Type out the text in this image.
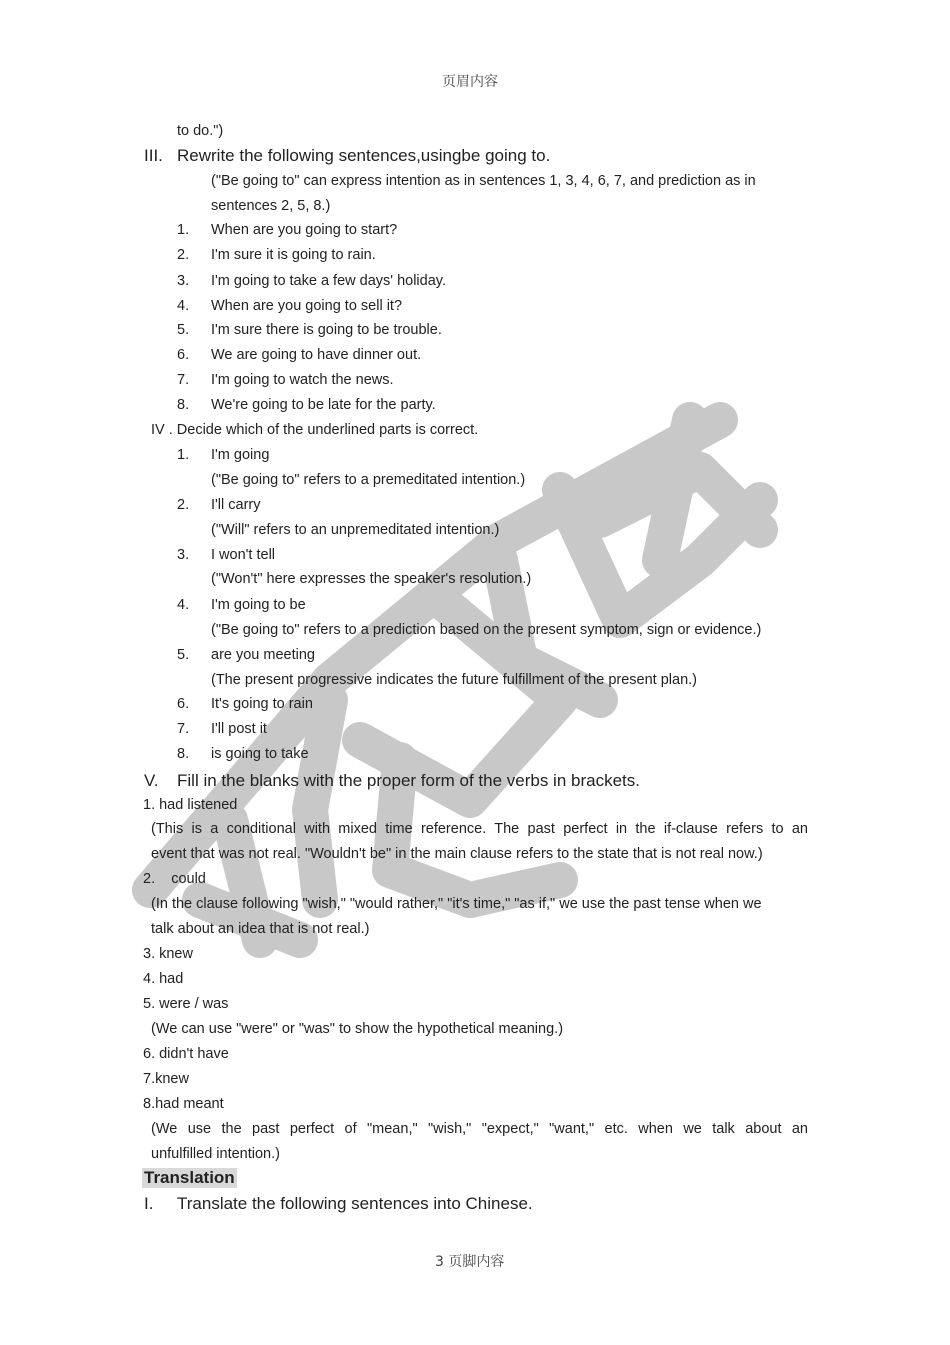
页眉内容
to do.")
III. Rewrite the following sentences,usingbe going to.
("Be going to" can express intention as in sentences 1, 3, 4, 6, 7, and prediction as in
sentences 2, 5, 8.)
1. When are you going to start?
2. I'm sure it is going to rain.
3. I'm going to take a few days' holiday.
4. When are you going to sell it?
5. I'm sure there is going to be trouble.
6. We are going to have dinner out.
7. I'm going to watch the news.
8. We're going to be late for the party.
IV . Decide which of the underlined parts is correct.
1. I'm going
("Be going to" refers to a premeditated intention.)
2. I'll carry
("Will" refers to an unpremeditated intention.)
3. I won't tell
("Won't" here expresses the speaker's resolution.)
4. I'm going to be
("Be going to" refers to a prediction based on the present symptom, sign or evidence.)
5. are you meeting
(The present progressive indicates the future fulfillment of the present plan.)
6. It's going to rain
7. I'll post it
8. is going to take
V. Fill in the blanks with the proper form of the verbs in brackets.
1. had listened
(This is a conditional with mixed time reference. The past perfect in the if-clause refers to an
event that was not real. "Wouldn't be" in the main clause refers to the state that is not real now.)
2.    could
(In the clause following "wish," "would rather," "it's time," "as if," we use the past tense when we
talk about an idea that is not real.)
3. knew
4. had
5. were / was
(We can use "were" or "was" to show the hypothetical meaning.)
6. didn't have
7.knew
8.had meant
(We use the past perfect of "mean," "wish," "expect," "want," etc. when we talk about an
unfulfilled intention.)
Translation
I. Translate the following sentences into Chinese.
3 页脚内容
